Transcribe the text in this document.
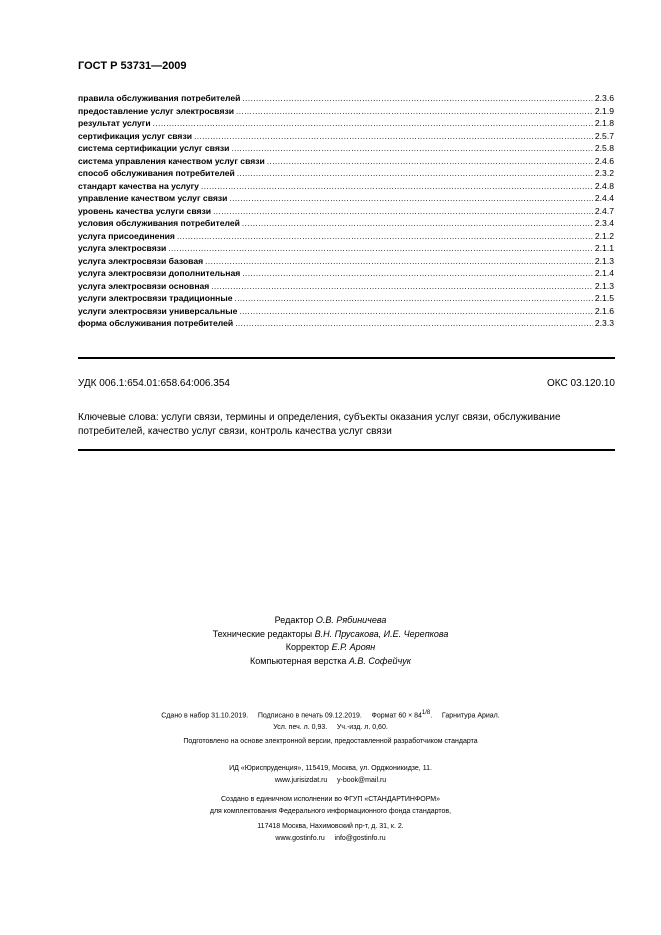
ГОСТ Р 53731—2009
правила обслуживания потребителей .....	2.3.6
предоставление услуг электросвязи .....	2.1.9
результат услуги .....	2.1.8
сертификация услуг связи .....	2.5.7
система сертификации услуг связи .....	2.5.8
система управления качеством услуг связи .....	2.4.6
способ обслуживания потребителей .....	2.3.2
стандарт качества на услугу .....	2.4.8
управление качеством услуг связи .....	2.4.4
уровень качества услуги связи .....	2.4.7
условия обслуживания потребителей .....	2.3.4
услуга присоединения .....	2.1.2
услуга электросвязи .....	2.1.1
услуга электросвязи базовая .....	2.1.3
услуга электросвязи дополнительная .....	2.1.4
услуга электросвязи основная .....	2.1.3
услуги электросвязи традиционные .....	2.1.5
услуги электросвязи универсальные .....	2.1.6
форма обслуживания потребителей .....	2.3.3
УДК 006.1:654.01:658.64:006.354	ОКС 03.120.10
Ключевые слова: услуги связи, термины и определения, субъекты оказания услуг связи, обслуживание потребителей, качество услуг связи, контроль качества услуг связи
Редактор О.В. Рябиничева
Технические редакторы В.Н. Прусакова, И.Е. Черепкова
Корректор Е.Р. Ароян
Компьютерная верстка А.В. Софейчук
Сдано в набор 31.10.2019.     Подписано в печать 09.12.2019.     Формат $60 \times 84^{1/8}$.     Гарнитура Ариал.
Усл. печ. л. 0,93.     Уч.-изд. л. 0,60.
Подготовлено на основе электронной версии, предоставленной разработчиком стандарта
ИД «Юриспруденция», 115419, Москва, ул. Орджоникидзе, 11.
www.jurisizdat.ru     y-book@mail.ru
Создано в единичном исполнении во ФГУП «СТАНДАРТИНФОРМ»
для комплектования Федерального информационного фонда стандартов,
117418 Москва, Нахимовский пр-т, д. 31, к. 2.
www.gostinfo.ru     info@gostinfo.ru
